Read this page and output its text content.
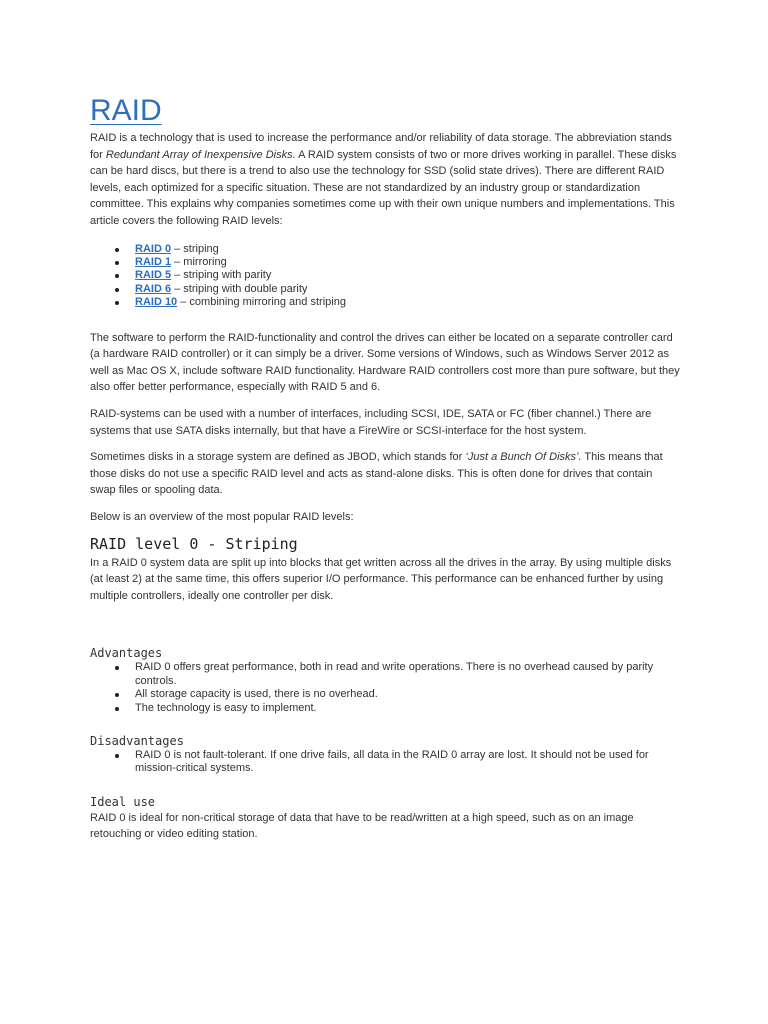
RAID

RAID is a technology that is used to increase the performance and/or reliability of data storage. The abbreviation stands for Redundant Array of Inexpensive Disks. A RAID system consists of two or more drives working in parallel. These disks can be hard discs, but there is a trend to also use the technology for SSD (solid state drives). There are different RAID levels, each optimized for a specific situation. These are not standardized by an industry group or standardization committee. This explains why companies sometimes come up with their own unique numbers and implementations. This article covers the following RAID levels:

RAID 0 – striping
RAID 1 – mirroring
RAID 5 – striping with parity
RAID 6 – striping with double parity
RAID 10 – combining mirroring and striping

The software to perform the RAID-functionality and control the drives can either be located on a separate controller card (a hardware RAID controller) or it can simply be a driver. Some versions of Windows, such as Windows Server 2012 as well as Mac OS X, include software RAID functionality. Hardware RAID controllers cost more than pure software, but they also offer better performance, especially with RAID 5 and 6.

RAID-systems can be used with a number of interfaces, including SCSI, IDE, SATA or FC (fiber channel.) There are systems that use SATA disks internally, but that have a FireWire or SCSI-interface for the host system.

Sometimes disks in a storage system are defined as JBOD, which stands for ‘Just a Bunch Of Disks’. This means that those disks do not use a specific RAID level and acts as stand-alone disks. This is often done for drives that contain swap files or spooling data.

Below is an overview of the most popular RAID levels:

RAID level 0 - Striping

In a RAID 0 system data are split up into blocks that get written across all the drives in the array. By using multiple disks (at least 2) at the same time, this offers superior I/O performance. This performance can be enhanced further by using multiple controllers, ideally one controller per disk.

Advantages
RAID 0 offers great performance, both in read and write operations. There is no overhead caused by parity controls.
All storage capacity is used, there is no overhead.
The technology is easy to implement.
Disadvantages
RAID 0 is not fault-tolerant. If one drive fails, all data in the RAID 0 array are lost. It should not be used for mission-critical systems.
Ideal use

RAID 0 is ideal for non-critical storage of data that have to be read/written at a high speed, such as on an image retouching or video editing station.
